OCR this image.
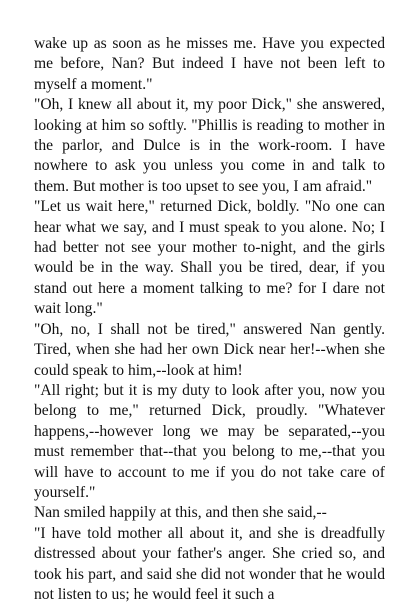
wake up as soon as he misses me. Have you expected me before, Nan? But indeed I have not been left to myself a moment."

"Oh, I knew all about it, my poor Dick," she answered, looking at him so softly. "Phillis is reading to mother in the parlor, and Dulce is in the work-room. I have nowhere to ask you unless you come in and talk to them. But mother is too upset to see you, I am afraid."

"Let us wait here," returned Dick, boldly. "No one can hear what we say, and I must speak to you alone. No; I had better not see your mother to-night, and the girls would be in the way. Shall you be tired, dear, if you stand out here a moment talking to me? for I dare not wait long."

"Oh, no, I shall not be tired," answered Nan gently. Tired, when she had her own Dick near her!--when she could speak to him,--look at him!

"All right; but it is my duty to look after you, now you belong to me," returned Dick, proudly. "Whatever happens,--however long we may be separated,--you must remember that--that you belong to me,--that you will have to account to me if you do not take care of yourself."

Nan smiled happily at this, and then she said,--

"I have told mother all about it, and she is dreadfully distressed about your father's anger. She cried so, and took his part, and said she did not wonder that he would not listen to us; he would feel it such a
